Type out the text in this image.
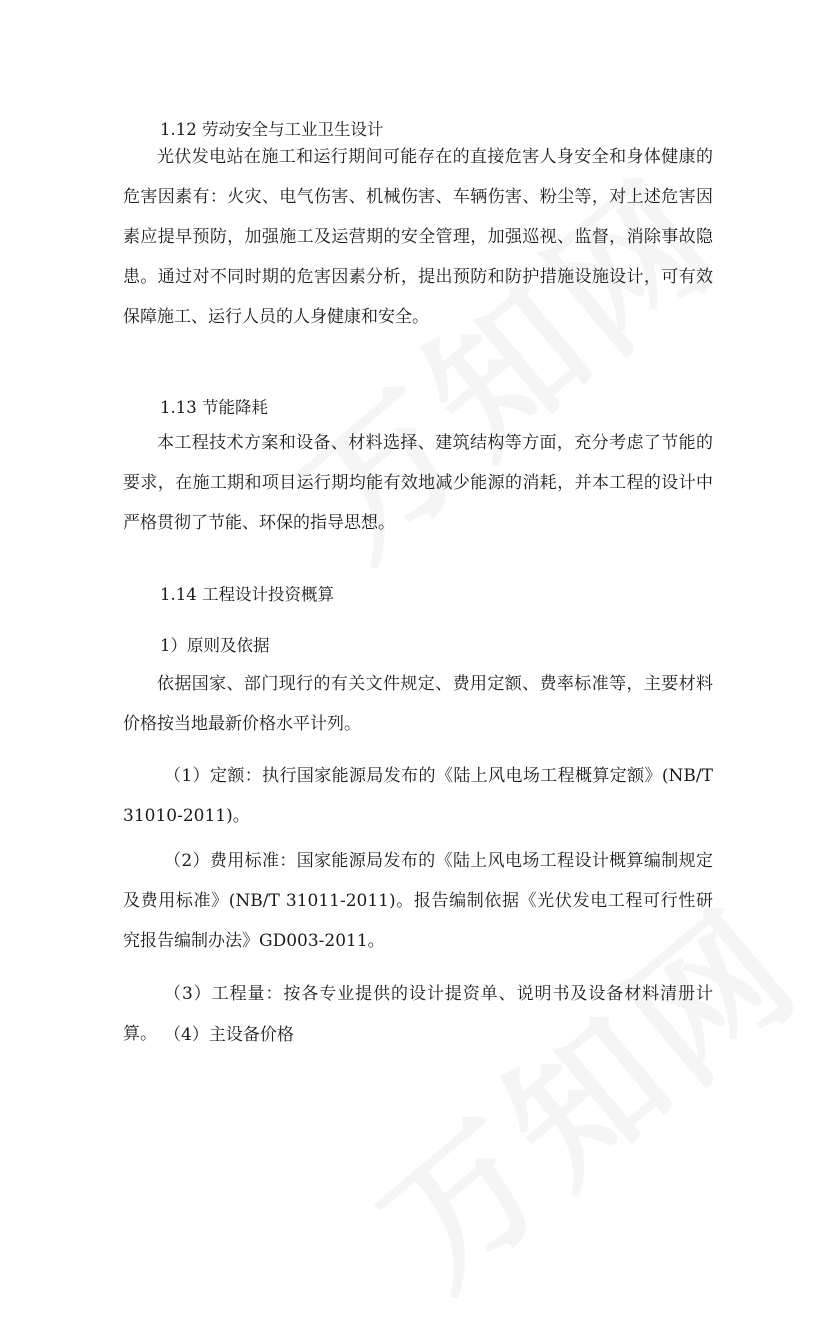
1.12 劳动安全与工业卫生设计

光伏发电站在施工和运行期间可能存在的直接危害人身安全和身体健康的危害因素有：火灾、电气伤害、机械伤害、车辆伤害、粉尘等，对上述危害因素应提早预防，加强施工及运营期的安全管理，加强巡视、监督，消除事故隐患。通过对不同时期的危害因素分析，提出预防和防护措施设施设计，可有效保障施工、运行人员的人身健康和安全。

1.13 节能降耗

本工程技术方案和设备、材料选择、建筑结构等方面，充分考虑了节能的要求，在施工期和项目运行期均能有效地减少能源的消耗，并本工程的设计中严格贯彻了节能、环保的指导思想。

1.14 工程设计投资概算
1）原则及依据

依据国家、部门现行的有关文件规定、费用定额、费率标准等，主要材料价格按当地最新价格水平计列。

（1）定额：执行国家能源局发布的《陆上风电场工程概算定额》(NB/T 31010-2011)。

（2）费用标准：国家能源局发布的《陆上风电场工程设计概算编制规定及费用标准》(NB/T 31011-2011)。报告编制依据《光伏发电工程可行性研究报告编制办法》GD003-2011。

（3）工程量：按各专业提供的设计提资单、说明书及设备材料清册计算。 （4）主设备价格
